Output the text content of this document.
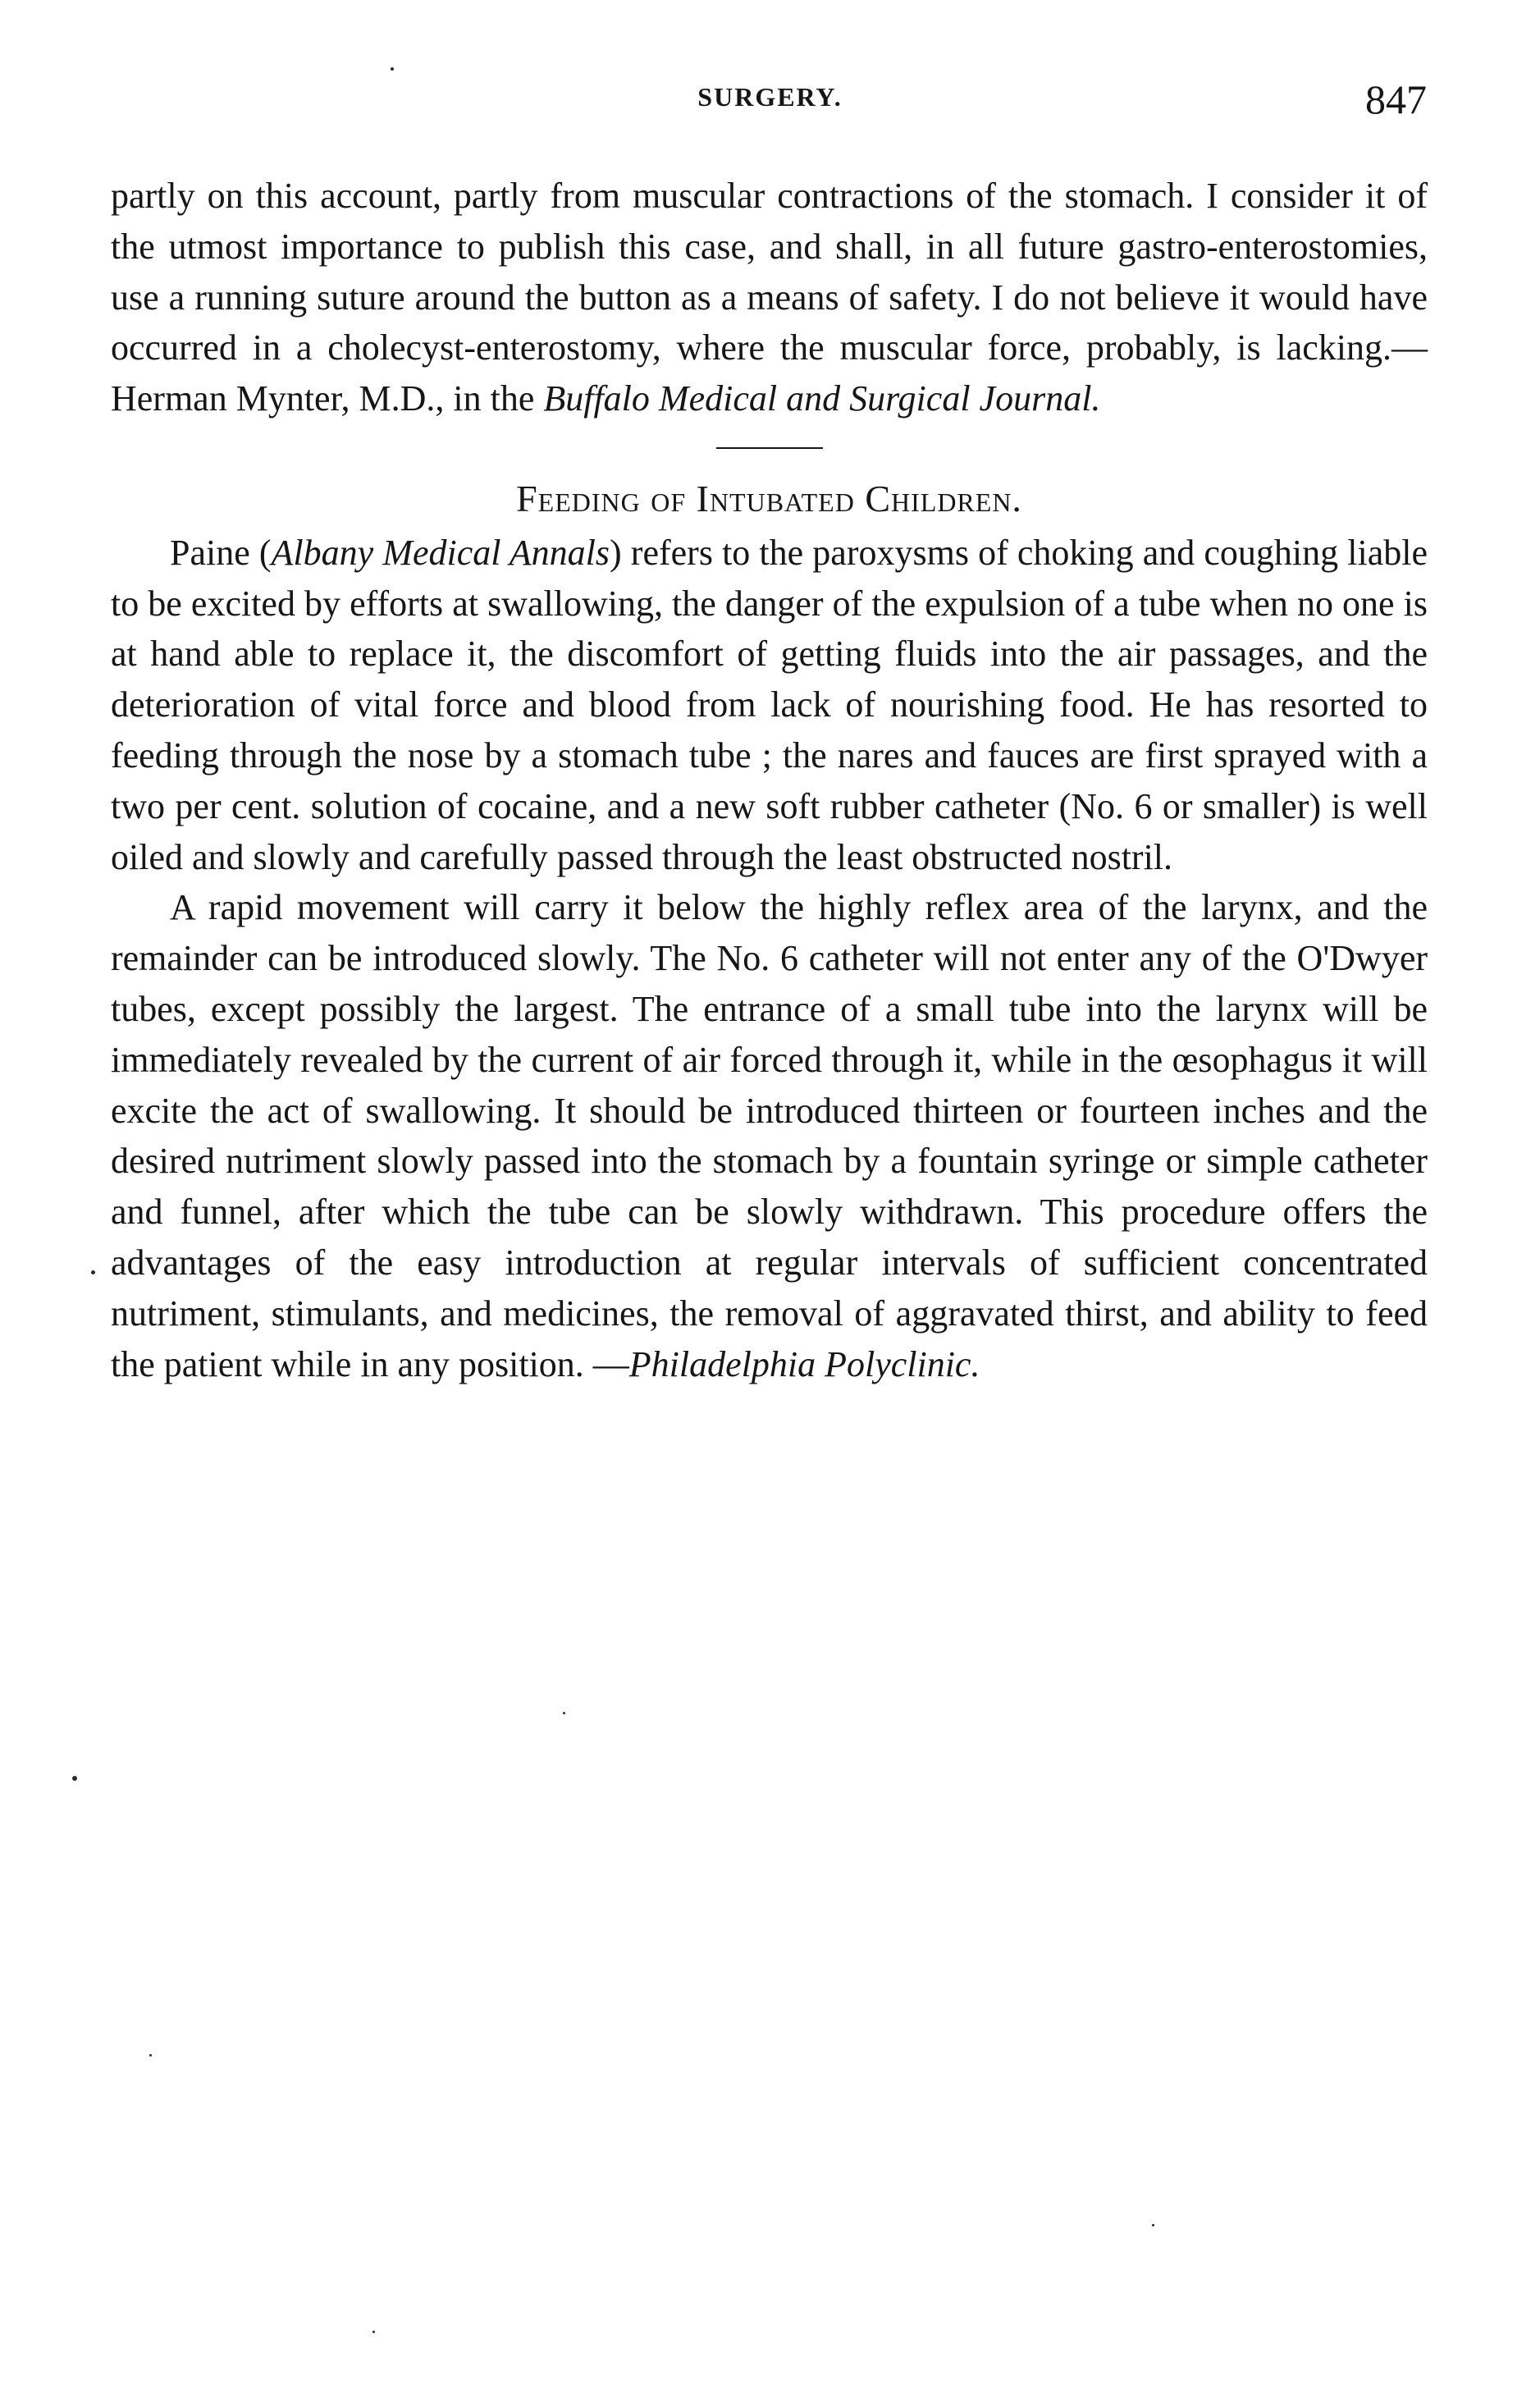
SURGERY.	847

partly on this account, partly from muscular contractions of the stomach. I consider it of the utmost importance to publish this case, and shall, in all future gastro-enterostomies, use a running suture around the button as a means of safety. I do not believe it would have occurred in a cholecyst-enterostomy, where the muscular force, probably, is lacking.—Herman Mynter, M.D., in the Buffalo Medical and Surgical Journal.

Feeding of Intubated Children.

Paine (Albany Medical Annals) refers to the paroxysms of choking and coughing liable to be excited by efforts at swallowing, the danger of the expulsion of a tube when no one is at hand able to replace it, the discomfort of getting fluids into the air passages, and the deterioration of vital force and blood from lack of nourishing food. He has resorted to feeding through the nose by a stomach tube ; the nares and fauces are first sprayed with a two per cent. solution of cocaine, and a new soft rubber catheter (No. 6 or smaller) is well oiled and slowly and carefully passed through the least obstructed nostril.

A rapid movement will carry it below the highly reflex area of the larynx, and the remainder can be introduced slowly. The No. 6 catheter will not enter any of the O'Dwyer tubes, except possibly the largest. The entrance of a small tube into the larynx will be immediately revealed by the current of air forced through it, while in the œsophagus it will excite the act of swallowing. It should be introduced thirteen or fourteen inches and the desired nutriment slowly passed into the stomach by a fountain syringe or simple catheter and funnel, after which the tube can be slowly withdrawn. This procedure offers the advantages of the easy introduction at regular intervals of sufficient concentrated nutriment, stimulants, and medicines, the removal of aggravated thirst, and ability to feed the patient while in any position. —Philadelphia Polyclinic.
